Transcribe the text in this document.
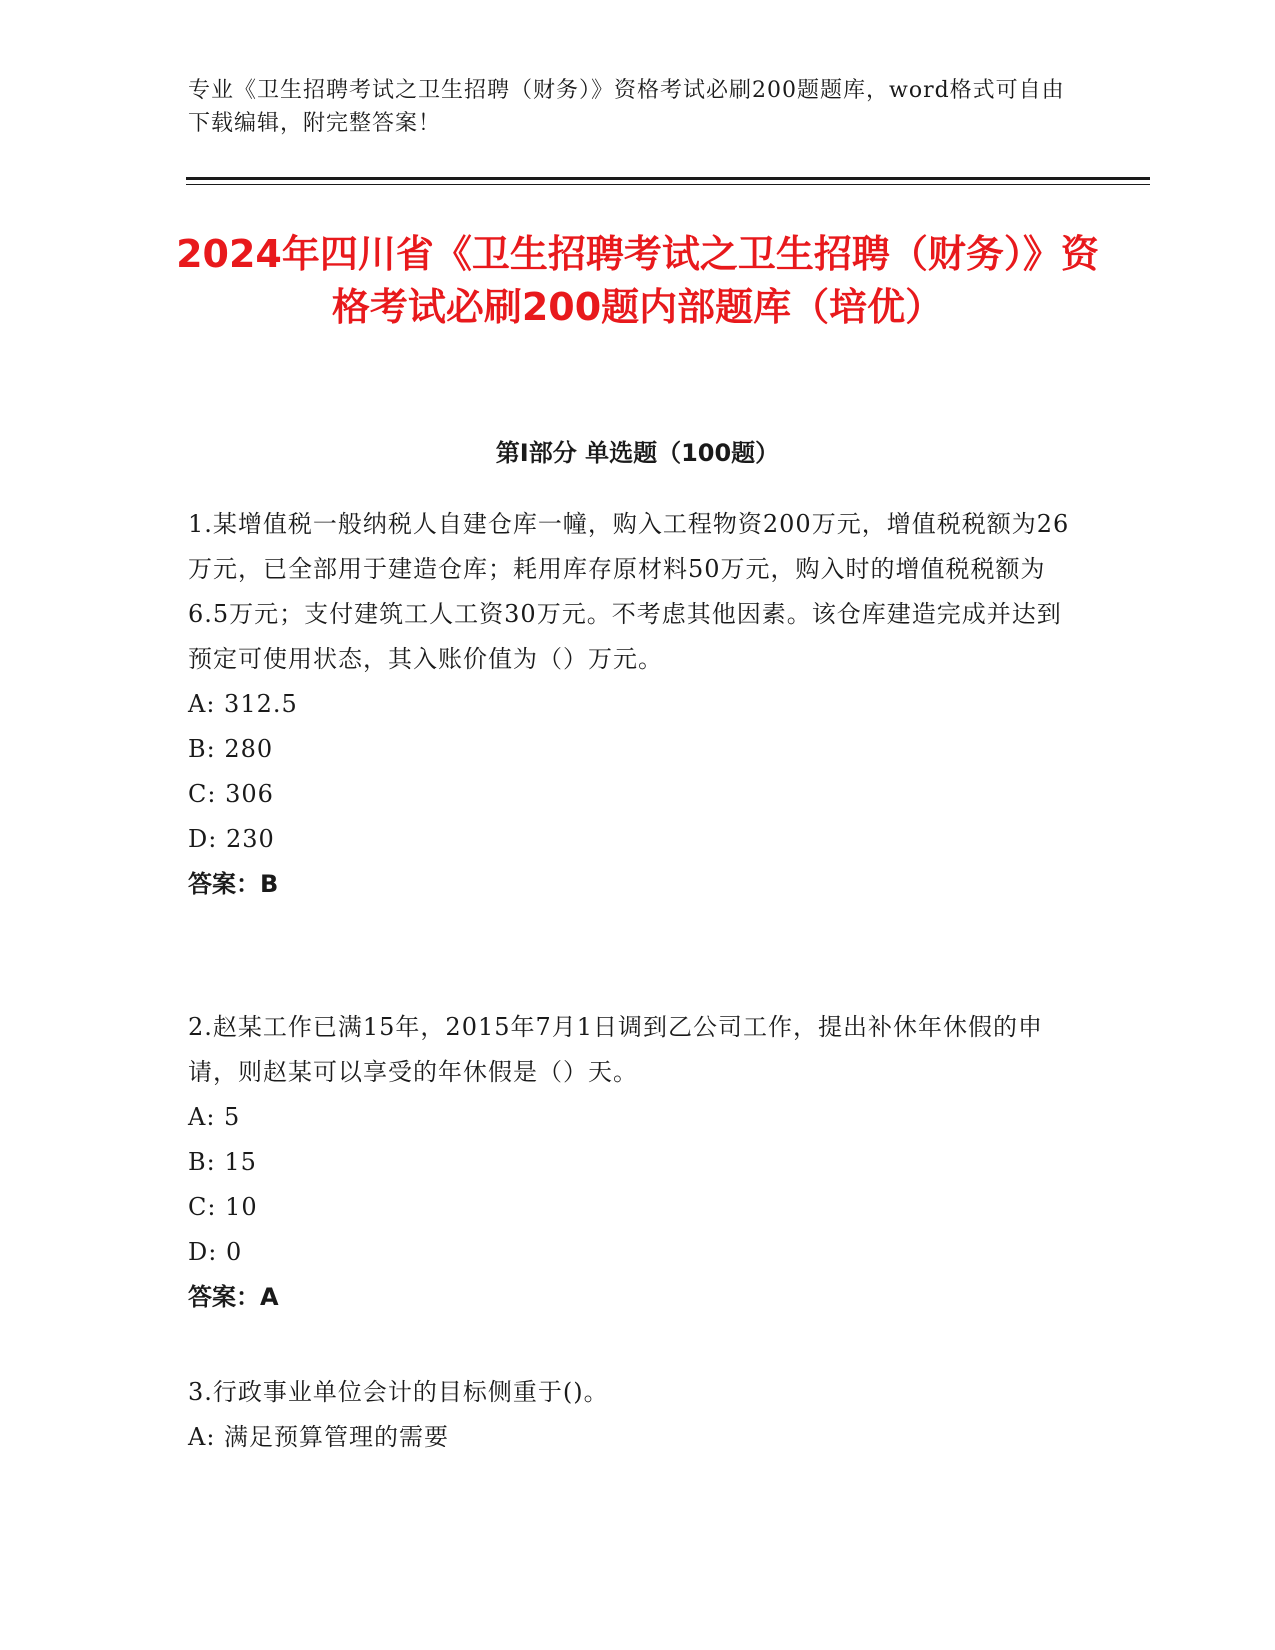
专业《卫生招聘考试之卫生招聘（财务）》资格考试必刷200题题库，word格式可自由下载编辑，附完整答案！
2024年四川省《卫生招聘考试之卫生招聘（财务）》资格考试必刷200题内部题库（培优）
第I部分 单选题（100题）

1.某增值税一般纳税人自建仓库一幢，购入工程物资200万元，增值税税额为26万元，已全部用于建造仓库；耗用库存原材料50万元，购入时的增值税税额为6.5万元；支付建筑工人工资30万元。不考虑其他因素。该仓库建造完成并达到预定可使用状态，其入账价值为（）万元。

A: 312.5

B: 280

C: 306

D: 230

答案：B

2.赵某工作已满15年，2015年7月1日调到乙公司工作，提出补休年休假的申请，则赵某可以享受的年休假是（）天。

A: 5

B: 15

C: 10

D: 0

答案：A

3.行政事业单位会计的目标侧重于()。

A: 满足预算管理的需要
